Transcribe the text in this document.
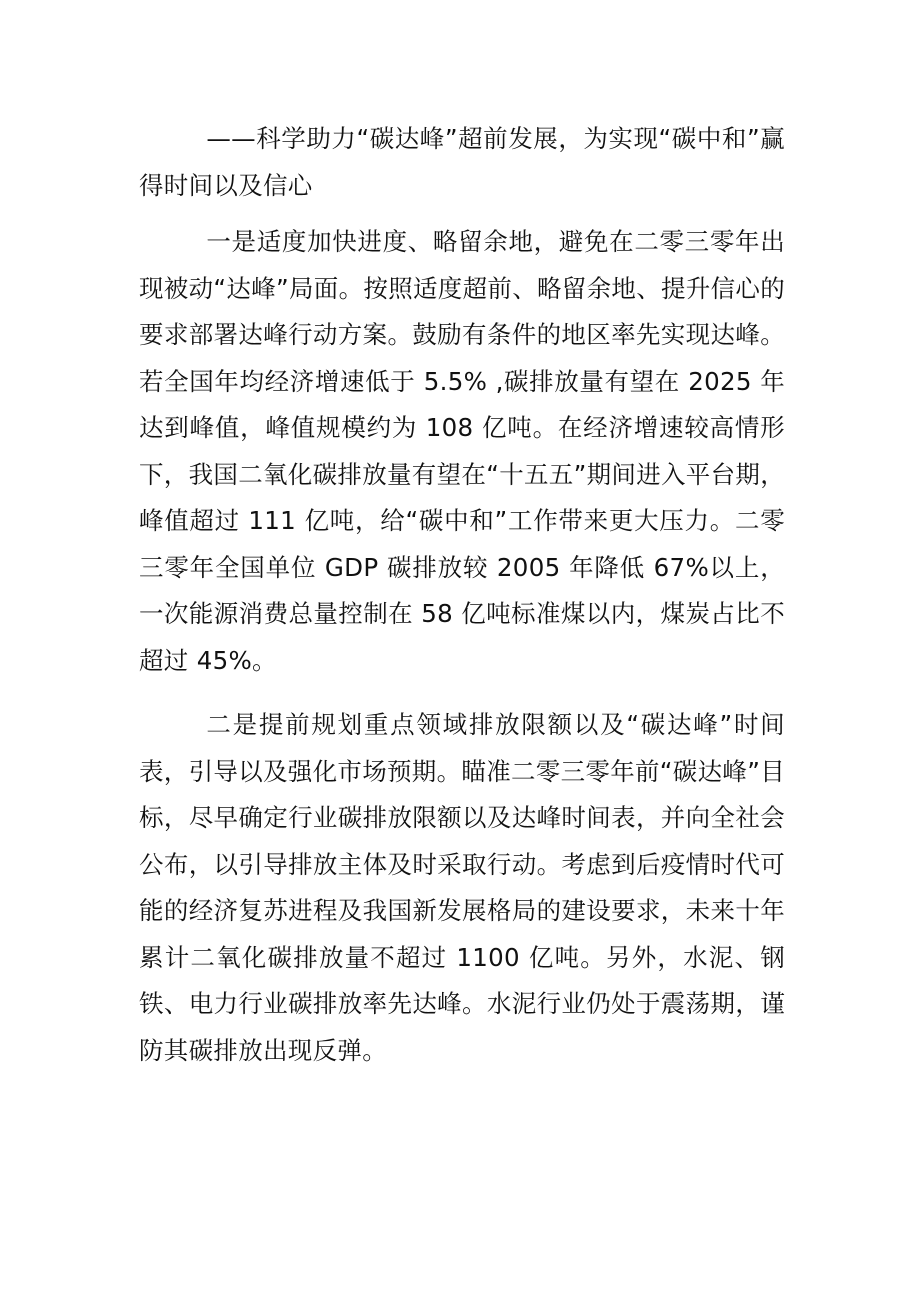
——科学助力“碳达峰”超前发展，为实现“碳中和”赢得时间以及信心

一是适度加快进度、略留余地，避免在二零三零年出现被动“达峰”局面。按照适度超前、略留余地、提升信心的要求部署达峰行动方案。鼓励有条件的地区率先实现达峰。若全国年均经济增速低于 5.5% ,碳排放量有望在 2025 年达到峰值，峰值规模约为 108 亿吨。在经济增速较高情形下，我国二氧化碳排放量有望在“十五五”期间进入平台期，峰值超过 111 亿吨，给“碳中和”工作带来更大压力。二零三零年全国单位 GDP 碳排放较 2005 年降低 67%以上，一次能源消费总量控制在 58 亿吨标准煤以内，煤炭占比不超过 45%。

二是提前规划重点领域排放限额以及“碳达峰”时间表，引导以及强化市场预期。瞄准二零三零年前“碳达峰”目标，尽早确定行业碳排放限额以及达峰时间表，并向全社会公布，以引导排放主体及时采取行动。考虑到后疫情时代可能的经济复苏进程及我国新发展格局的建设要求，未来十年累计二氧化碳排放量不超过 1100 亿吨。另外，水泥、钢铁、电力行业碳排放率先达峰。水泥行业仍处于震荡期，谨防其碳排放出现反弹。
